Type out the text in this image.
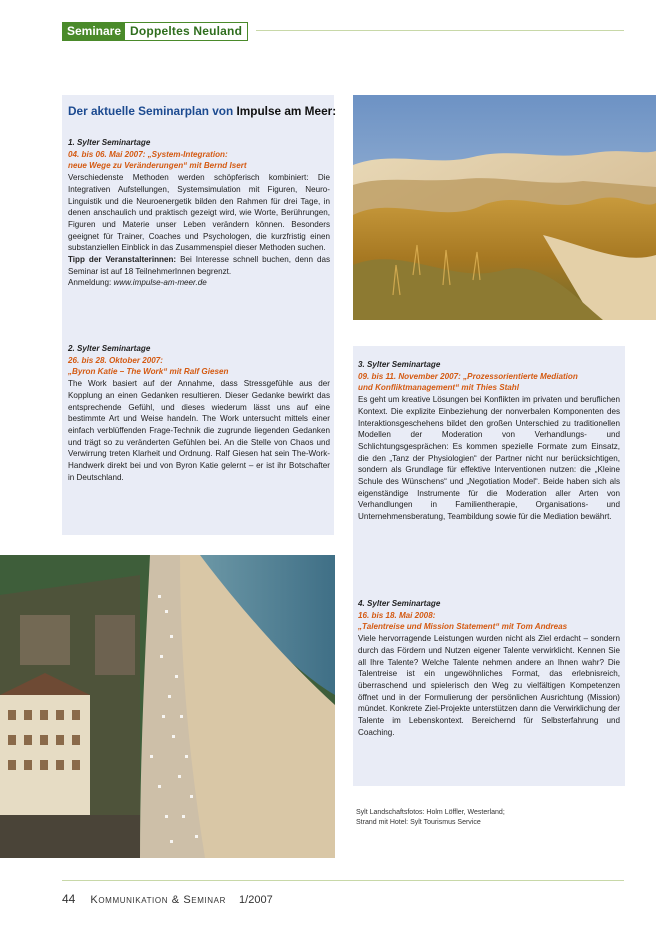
Seminare Doppeltes Neuland
Der aktuelle Seminarplan von Impulse am Meer:
1. Sylter Seminartage
04. bis 06. Mai 2007: „System-Integration:
neue Wege zu Veränderungen“ mit Bernd Isert

Verschiedenste Methoden werden schöpferisch kombiniert: Die Integrativen Aufstellungen, Systemsimulation mit Figuren, Neuro-Linguistik und die Neuroenergetik bilden den Rahmen für drei Tage, in denen anschaulich und praktisch gezeigt wird, wie Worte, Berührungen, Figuren und Materie unser Leben verändern können. Besonders geeignet für Trainer, Coaches und Psychologen, die kurzfristig einen substanziellen Einblick in das Zusammenspiel dieser Methoden suchen.

Tipp der Veranstalterinnen: Bei Interesse schnell buchen, denn das Seminar ist auf 18 TeilnehmerInnen begrenzt.

Anmeldung: www.impulse-am-meer.de

2. Sylter Seminartage
26. bis 28. Oktober 2007:
„Byron Katie – The Work“ mit Ralf Giesen

The Work basiert auf der Annahme, dass Stressgefühle aus der Kopplung an einen Gedanken resultieren. Dieser Gedanke bewirkt das entsprechende Gefühl, und dieses wiederum lässt uns auf eine bestimmte Art und Weise handeln. The Work untersucht mittels einer einfach verblüffenden Frage-Technik die zugrunde liegenden Gedanken und trägt so zu veränderten Gefühlen bei. An die Stelle von Chaos und Verwirrung treten Klarheit und Ordnung. Ralf Giesen hat sein The-Work-Handwerk direkt bei und von Byron Katie gelernt – er ist ihr Botschafter in Deutschland.

3. Sylter Seminartage
09. bis 11. November 2007: „Prozessorientierte Mediation
und Konfliktmanagement“ mit Thies Stahl

Es geht um kreative Lösungen bei Konflikten im privaten und beruflichen Kontext. Die explizite Einbeziehung der nonverbalen Komponenten des Interaktionsgeschehens bildet den großen Unterschied zu traditionellen Modellen der Moderation von Verhandlungs- und Schlichtungsgesprächen: Es kommen spezielle Formate zum Einsatz, die den „Tanz der Physiologien“ der Partner nicht nur berücksichtigen, sondern als Grundlage für effektive Interventionen nutzen: die „Kleine Schule des Wünschens“ und „Negotiation Model“. Beide haben sich als eigenständige Instrumente für die Moderation aller Arten von Verhandlungen in Familientherapie, Organisations- und Unternehmensberatung, Teambildung sowie für die Mediation bewährt.

4. Sylter Seminartage
16. bis 18. Mai 2008:
„Talentreise und Mission Statement“ mit Tom Andreas

Viele hervorragende Leistungen wurden nicht als Ziel erdacht – sondern durch das Fördern und Nutzen eigener Talente verwirklicht. Kennen Sie all Ihre Talente? Welche Talente nehmen andere an Ihnen wahr? Die Talentreise ist ein ungewöhnliches Format, das erlebnisreich, überraschend und spielerisch den Weg zu vielfältigen Kompetenzen öffnet und in der Formulierung der persönlichen Ausrichtung (Mission) mündet. Konkrete Ziel-Projekte unterstützen dann die Verwirklichung der Talente im Lebenskontext. Bereichernd für Selbsterfahrung und Coaching.

Sylt Landschaftsfotos: Holm Löffler, Westerland;
Strand mit Hotel: Sylt Tourismus Service
44 Kommunikation & Seminar 1/2007
